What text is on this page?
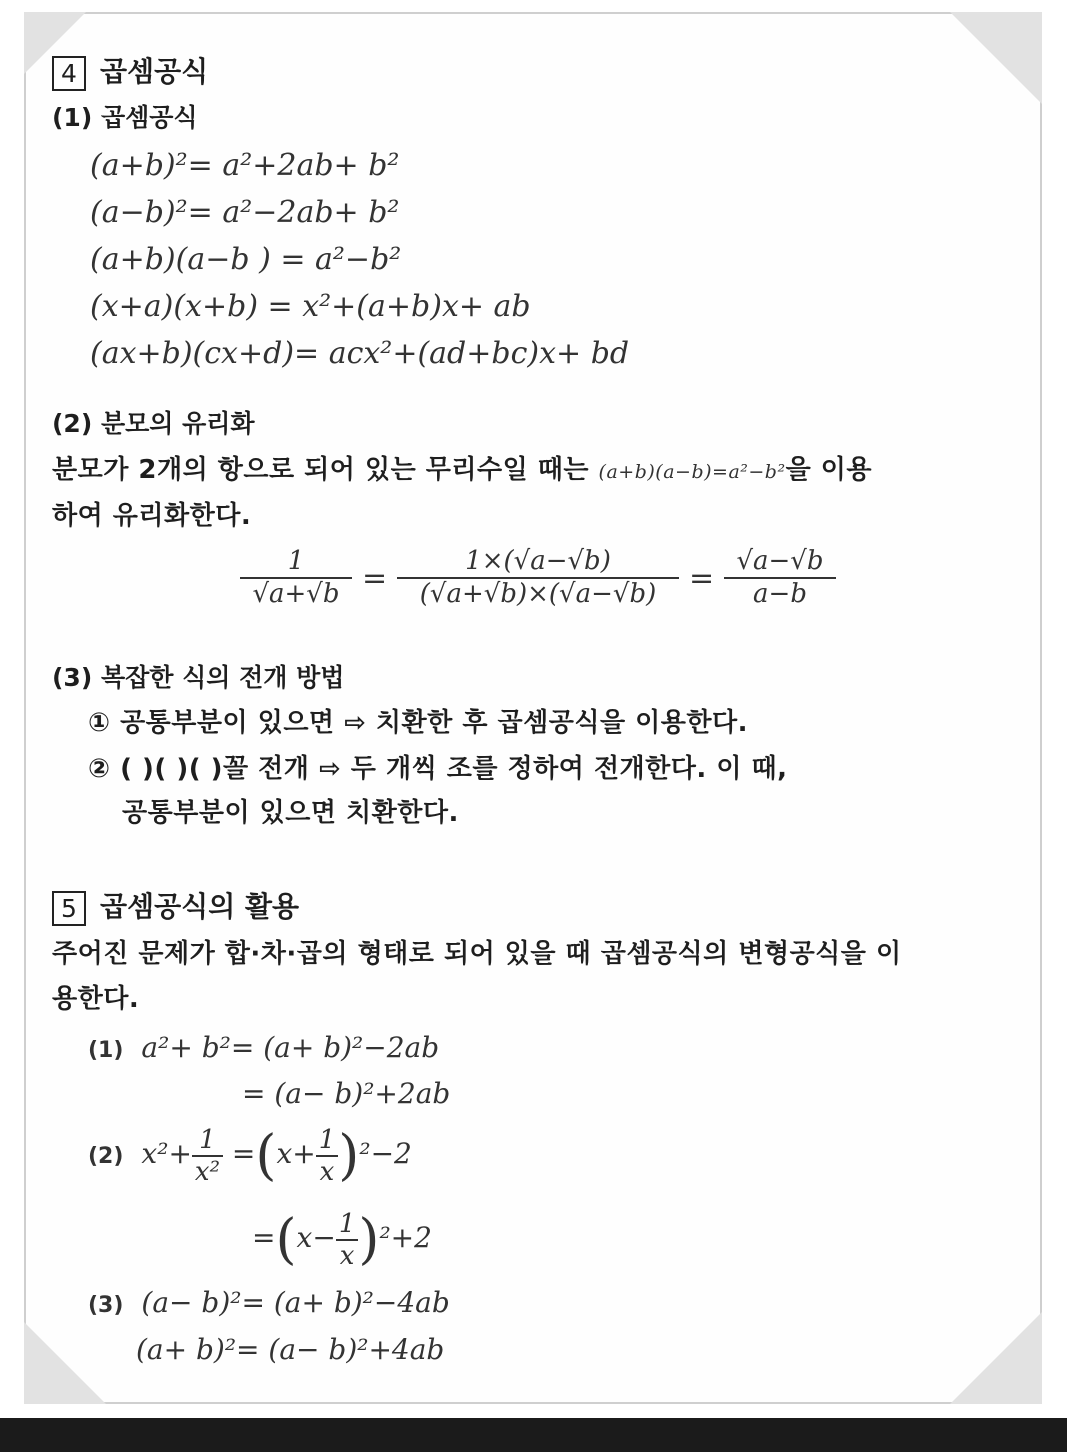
4 곱셈공식
(1) 곱셈공식
(a+b)²= a²+2ab+ b²
(a−b)²= a²−2ab+ b²
(a+b)(a−b ) = a²−b²
(x+a)(x+b) = x²+(a+b)x+ ab
(ax+b)(cx+d)= acx²+(ad+bc)x+ bd
(2) 분모의 유리화
분모가 2개의 항으로 되어 있는 무리수일 때는 (a+b)(a−b)=a²−b²을 이용
하여 유리화한다.
$\frac{1}{√a+√b} = \frac{1\times(√a-√b)}{(√a+√b)\times(√a-√b)} = \frac{√a-√b}{a-b}$
(3) 복잡한 식의 전개 방법
① 공통부분이 있으면 ⇨ 치환한 후 곱셈공식을 이용한다.
② ( )( )( )꼴 전개 ⇨ 두 개씩 조를 정하여 전개한다. 이 때,
공통부분이 있으면 치환한다.
5 곱셈공식의 활용
주어진 문제가 합·차·곱의 형태로 되어 있을 때 곱셈공식의 변형공식을 이
용한다.
(1) a²+ b²= (a+ b)²−2ab
= (a− b)²+2ab
(2) $x^2+ \frac{1}{\text{x²}} =(x+ \frac{1}{x} )^2-2$
$=(x- \frac{1}{x} )^2+2$
(3) (a− b)²= (a+ b)²−4ab
(a+ b)²= (a− b)²+4ab
